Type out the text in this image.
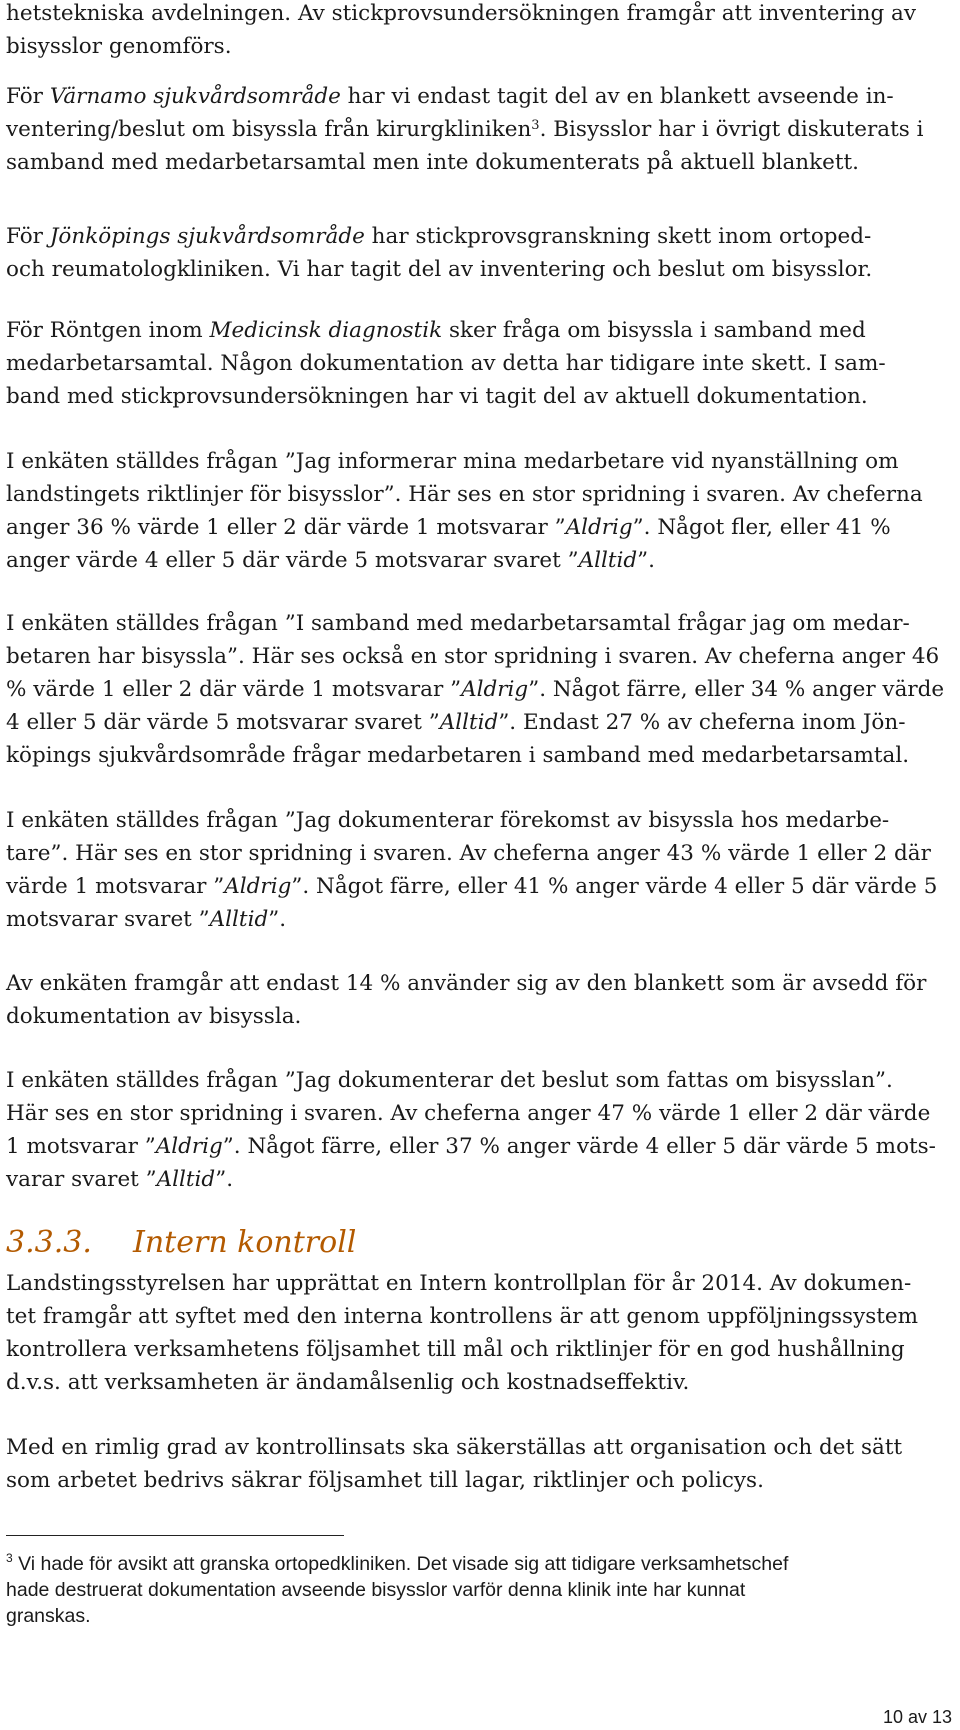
hetstekniska avdelningen. Av stickprovsundersökningen framgår att inventering av
bisysslor genomförs.
För Värnamo sjukvårdsområde har vi endast tagit del av en blankett avseende in-
ventering/beslut om bisyssla från kirurgkliniken$^3$. Bisysslor har i övrigt diskuterats i
samband med medarbetarsamtal men inte dokumenterats på aktuell blankett.
För Jönköpings sjukvårdsområde har stickprovsgranskning skett inom ortoped-
och reumatologkliniken. Vi har tagit del av inventering och beslut om bisysslor.
För Röntgen inom Medicinsk diagnostik sker fråga om bisyssla i samband med
medarbetarsamtal. Någon dokumentation av detta har tidigare inte skett. I sam-
band med stickprovsundersökningen har vi tagit del av aktuell dokumentation.
I enkäten ställdes frågan ”Jag informerar mina medarbetare vid nyanställning om
landstingets riktlinjer för bisysslor”. Här ses en stor spridning i svaren. Av cheferna
anger 36 % värde 1 eller 2 där värde 1 motsvarar ”Aldrig”. Något fler, eller 41 %
anger värde 4 eller 5 där värde 5 motsvarar svaret ”Alltid”.
I enkäten ställdes frågan ”I samband med medarbetarsamtal frågar jag om medar-
betaren har bisyssla”. Här ses också en stor spridning i svaren. Av cheferna anger 46
% värde 1 eller 2 där värde 1 motsvarar ”Aldrig”. Något färre, eller 34 % anger värde
4 eller 5 där värde 5 motsvarar svaret ”Alltid”. Endast 27 % av cheferna inom Jön-
köpings sjukvårdsområde frågar medarbetaren i samband med medarbetarsamtal.
I enkäten ställdes frågan ”Jag dokumenterar förekomst av bisyssla hos medarbe-
tare”. Här ses en stor spridning i svaren. Av cheferna anger 43 % värde 1 eller 2 där
värde 1 motsvarar ”Aldrig”. Något färre, eller 41 % anger värde 4 eller 5 där värde 5
motsvarar svaret ”Alltid”.
Av enkäten framgår att endast 14 % använder sig av den blankett som är avsedd för
dokumentation av bisyssla.
I enkäten ställdes frågan ”Jag dokumenterar det beslut som fattas om bisysslan”.
Här ses en stor spridning i svaren. Av cheferna anger 47 % värde 1 eller 2 där värde
1 motsvarar ”Aldrig”. Något färre, eller 37 % anger värde 4 eller 5 där värde 5 mots-
varar svaret ”Alltid”.
3.3.3. Intern kontroll
Landstingsstyrelsen har upprättat en Intern kontrollplan för år 2014. Av dokumen-
tet framgår att syftet med den interna kontrollens är att genom uppföljningssystem
kontrollera verksamhetens följsamhet till mål och riktlinjer för en god hushållning
d.v.s. att verksamheten är ändamålsenlig och kostnadseffektiv.
Med en rimlig grad av kontrollinsats ska säkerställas att organisation och det sätt
som arbetet bedrivs säkrar följsamhet till lagar, riktlinjer och policys.
$^3$ Vi hade för avsikt att granska ortopedkliniken. Det visade sig att tidigare verksamhetschef
hade destruerat dokumentation avseende bisysslor varför denna klinik inte har kunnat
granskas.
10 av 13
